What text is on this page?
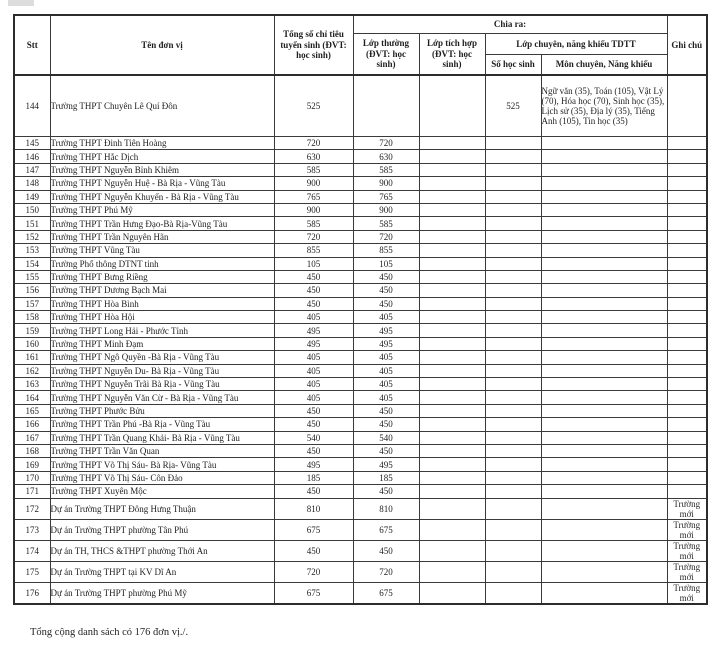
Stt	Tên đơn vị	Tổng số chỉ tiêu tuyển sinh (ĐVT: học sinh)	Chia ra:				Ghi chú
			Lớp thường (ĐVT: học sinh)	Lớp tích hợp (ĐVT: học sinh)	Lớp chuyên, năng khiếu TDTT		
					Số học sinh	Môn chuyên, Năng khiếu	
144	Trường THPT Chuyên Lê Quí Đôn	525			525	Ngữ văn (35), Toán (105), Vật Lý (70), Hóa học (70), Sinh học (35), Lịch sử (35), Địa lý (35), Tiếng Anh (105), Tin học (35)	
145	Trường THPT Đinh Tiên Hoàng	720	720				
146	Trường THPT Hắc Dịch	630	630				
147	Trường THPT Nguyễn Bỉnh Khiêm	585	585				
148	Trường THPT Nguyễn Huệ - Bà Rịa - Vũng Tàu	900	900				
149	Trường THPT Nguyễn Khuyến - Bà Rịa - Vũng Tàu	765	765				
150	Trường THPT Phú Mỹ	900	900				
151	Trường THPT Trần Hưng Đạo-Bà Rịa-Vũng Tàu	585	585				
152	Trường THPT Trần Nguyên Hãn	720	720				
153	Trường THPT Vũng Tàu	855	855				
154	Trường Phổ thông DTNT tỉnh	105	105				
155	Trường THPT Bưng Riềng	450	450				
156	Trường THPT Dương Bạch Mai	450	450				
157	Trường THPT Hòa Bình	450	450				
158	Trường THPT Hòa Hội	405	405				
159	Trường THPT Long Hải - Phước Tỉnh	495	495				
160	Trường THPT Minh Đạm	495	495				
161	Trường THPT Ngô Quyền -Bà Rịa - Vũng Tàu	405	405				
162	Trường THPT Nguyễn Du- Bà Rịa - Vũng Tàu	405	405				
163	Trường THPT Nguyễn Trãi Bà Rịa - Vũng Tàu	405	405				
164	Trường THPT Nguyễn Văn Cừ - Bà Rịa - Vũng Tàu	405	405				
165	Trường THPT Phước Bửu	450	450				
166	Trường THPT Trần Phú -Bà Rịa - Vũng Tàu	450	450				
167	Trường THPT Trần Quang Khải- Bà Rịa - Vũng Tàu	540	540				
168	Trường THPT Trần Văn Quan	450	450				
169	Trường THPT Võ Thị Sáu- Bà Rịa- Vũng Tàu	495	495				
170	Trường THPT Võ Thị Sáu- Côn Đảo	185	185				
171	Trường THPT Xuyên Mộc	450	450				
172	Dự án Trường THPT Đông Hưng Thuận	810	810				Trường mới
173	Dự án Trường THPT phường Tân Phú	675	675				Trường mới
174	Dự án TH, THCS &THPT phường Thới An	450	450				Trường mới
175	Dự án Trường THPT tại KV Dĩ An	720	720				Trường mới
176	Dự án Trường THPT phường Phú Mỹ	675	675				Trường mới
Tổng cộng danh sách có 176 đơn vị./.
